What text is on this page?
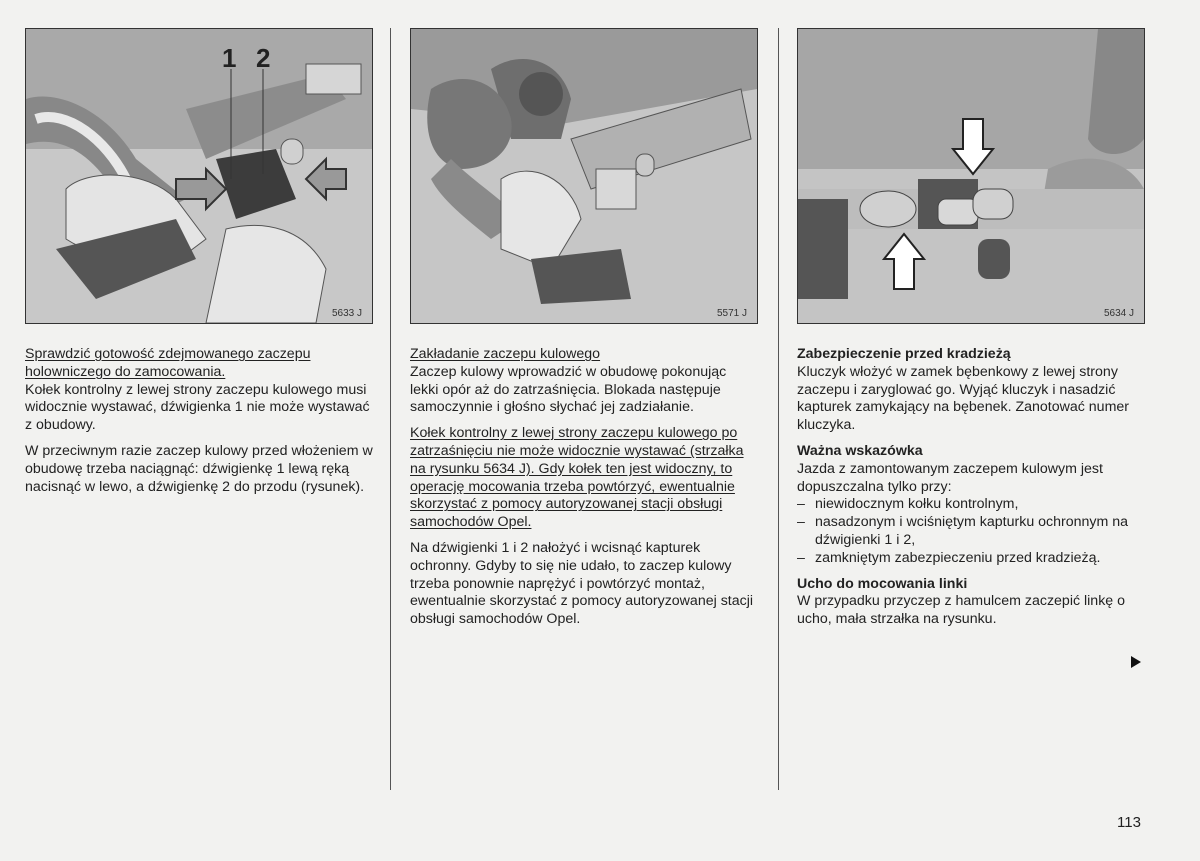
1 2
5633 J

Sprawdzić gotowość zdejmowanego zaczepu holowniczego do zamocowania.
Kołek kontrolny z lewej strony zaczepu kulowego musi widocznie wystawać, dźwigienka 1 nie może wystawać z obudowy.

W przeciwnym razie zaczep kulowy przed włożeniem w obudowę trzeba naciągnąć: dźwigienkę 1 lewą ręką nacisnąć w lewo, a dźwigienkę 2 do przodu (rysunek).

5571 J

Zakładanie zaczepu kulowego
Zaczep kulowy wprowadzić w obudowę pokonując lekki opór aż do zatrzaśnięcia. Blokada następuje samoczynnie i głośno słychać jej zadziałanie.

Kołek kontrolny z lewej strony zaczepu kulowego po zatrzaśnięciu nie może widocznie wystawać (strzałka na rysunku 5634 J). Gdy kołek ten jest widoczny, to operację mocowania trzeba powtórzyć, ewentualnie skorzystać z pomocy autoryzowanej stacji obsługi samochodów Opel.

Na dźwigienki 1 i 2 nałożyć i wcisnąć kapturek ochronny. Gdyby to się nie udało, to zaczep kulowy trzeba ponownie naprężyć i powtórzyć montaż, ewentualnie skorzystać z pomocy autoryzowanej stacji obsługi samochodów Opel.

5634 J

Zabezpieczenie przed kradzieżą
Kluczyk włożyć w zamek bębenkowy z lewej strony zaczepu i zaryglować go. Wyjąć kluczyk i nasadzić kapturek zamykający na bębenek. Zanotować numer kluczyka.

Ważna wskazówka
Jazda z zamontowanym zaczepem kulowym jest dopuszczalna tylko przy:

– niewidocznym kołku kontrolnym,
– nasadzonym i wciśniętym kapturku ochronnym na dźwigienki 1 i 2,
– zamkniętym zabezpieczeniu przed kradzieżą.

Ucho do mocowania linki
W przypadku przyczep z hamulcem zaczepić linkę o ucho, mała strzałka na rysunku.

113
